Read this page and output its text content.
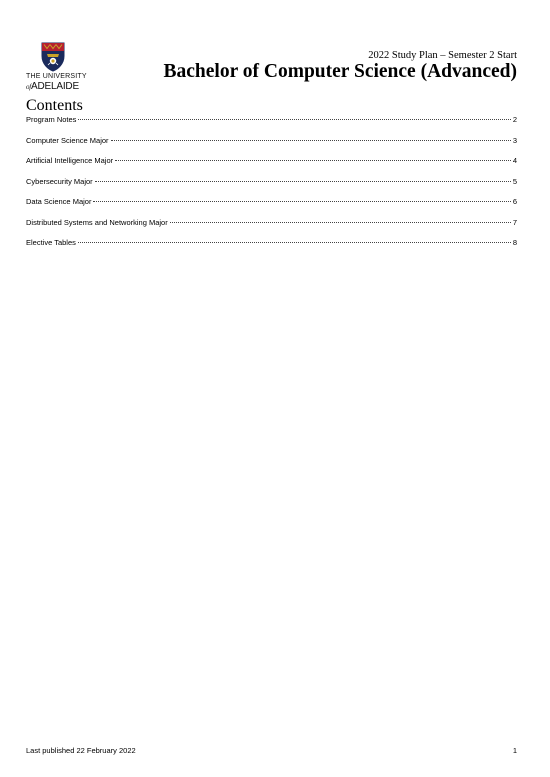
THE UNIVERSITY
ofADELAIDE
2022 Study Plan – Semester 2 Start
Bachelor of Computer Science (Advanced)
Contents
Program Notes	2
Computer Science Major	3
Artificial Intelligence Major	4
Cybersecurity Major	5
Data Science Major	6
Distributed Systems and Networking Major	7
Elective Tables	8
Last published 22 February 2022	1
